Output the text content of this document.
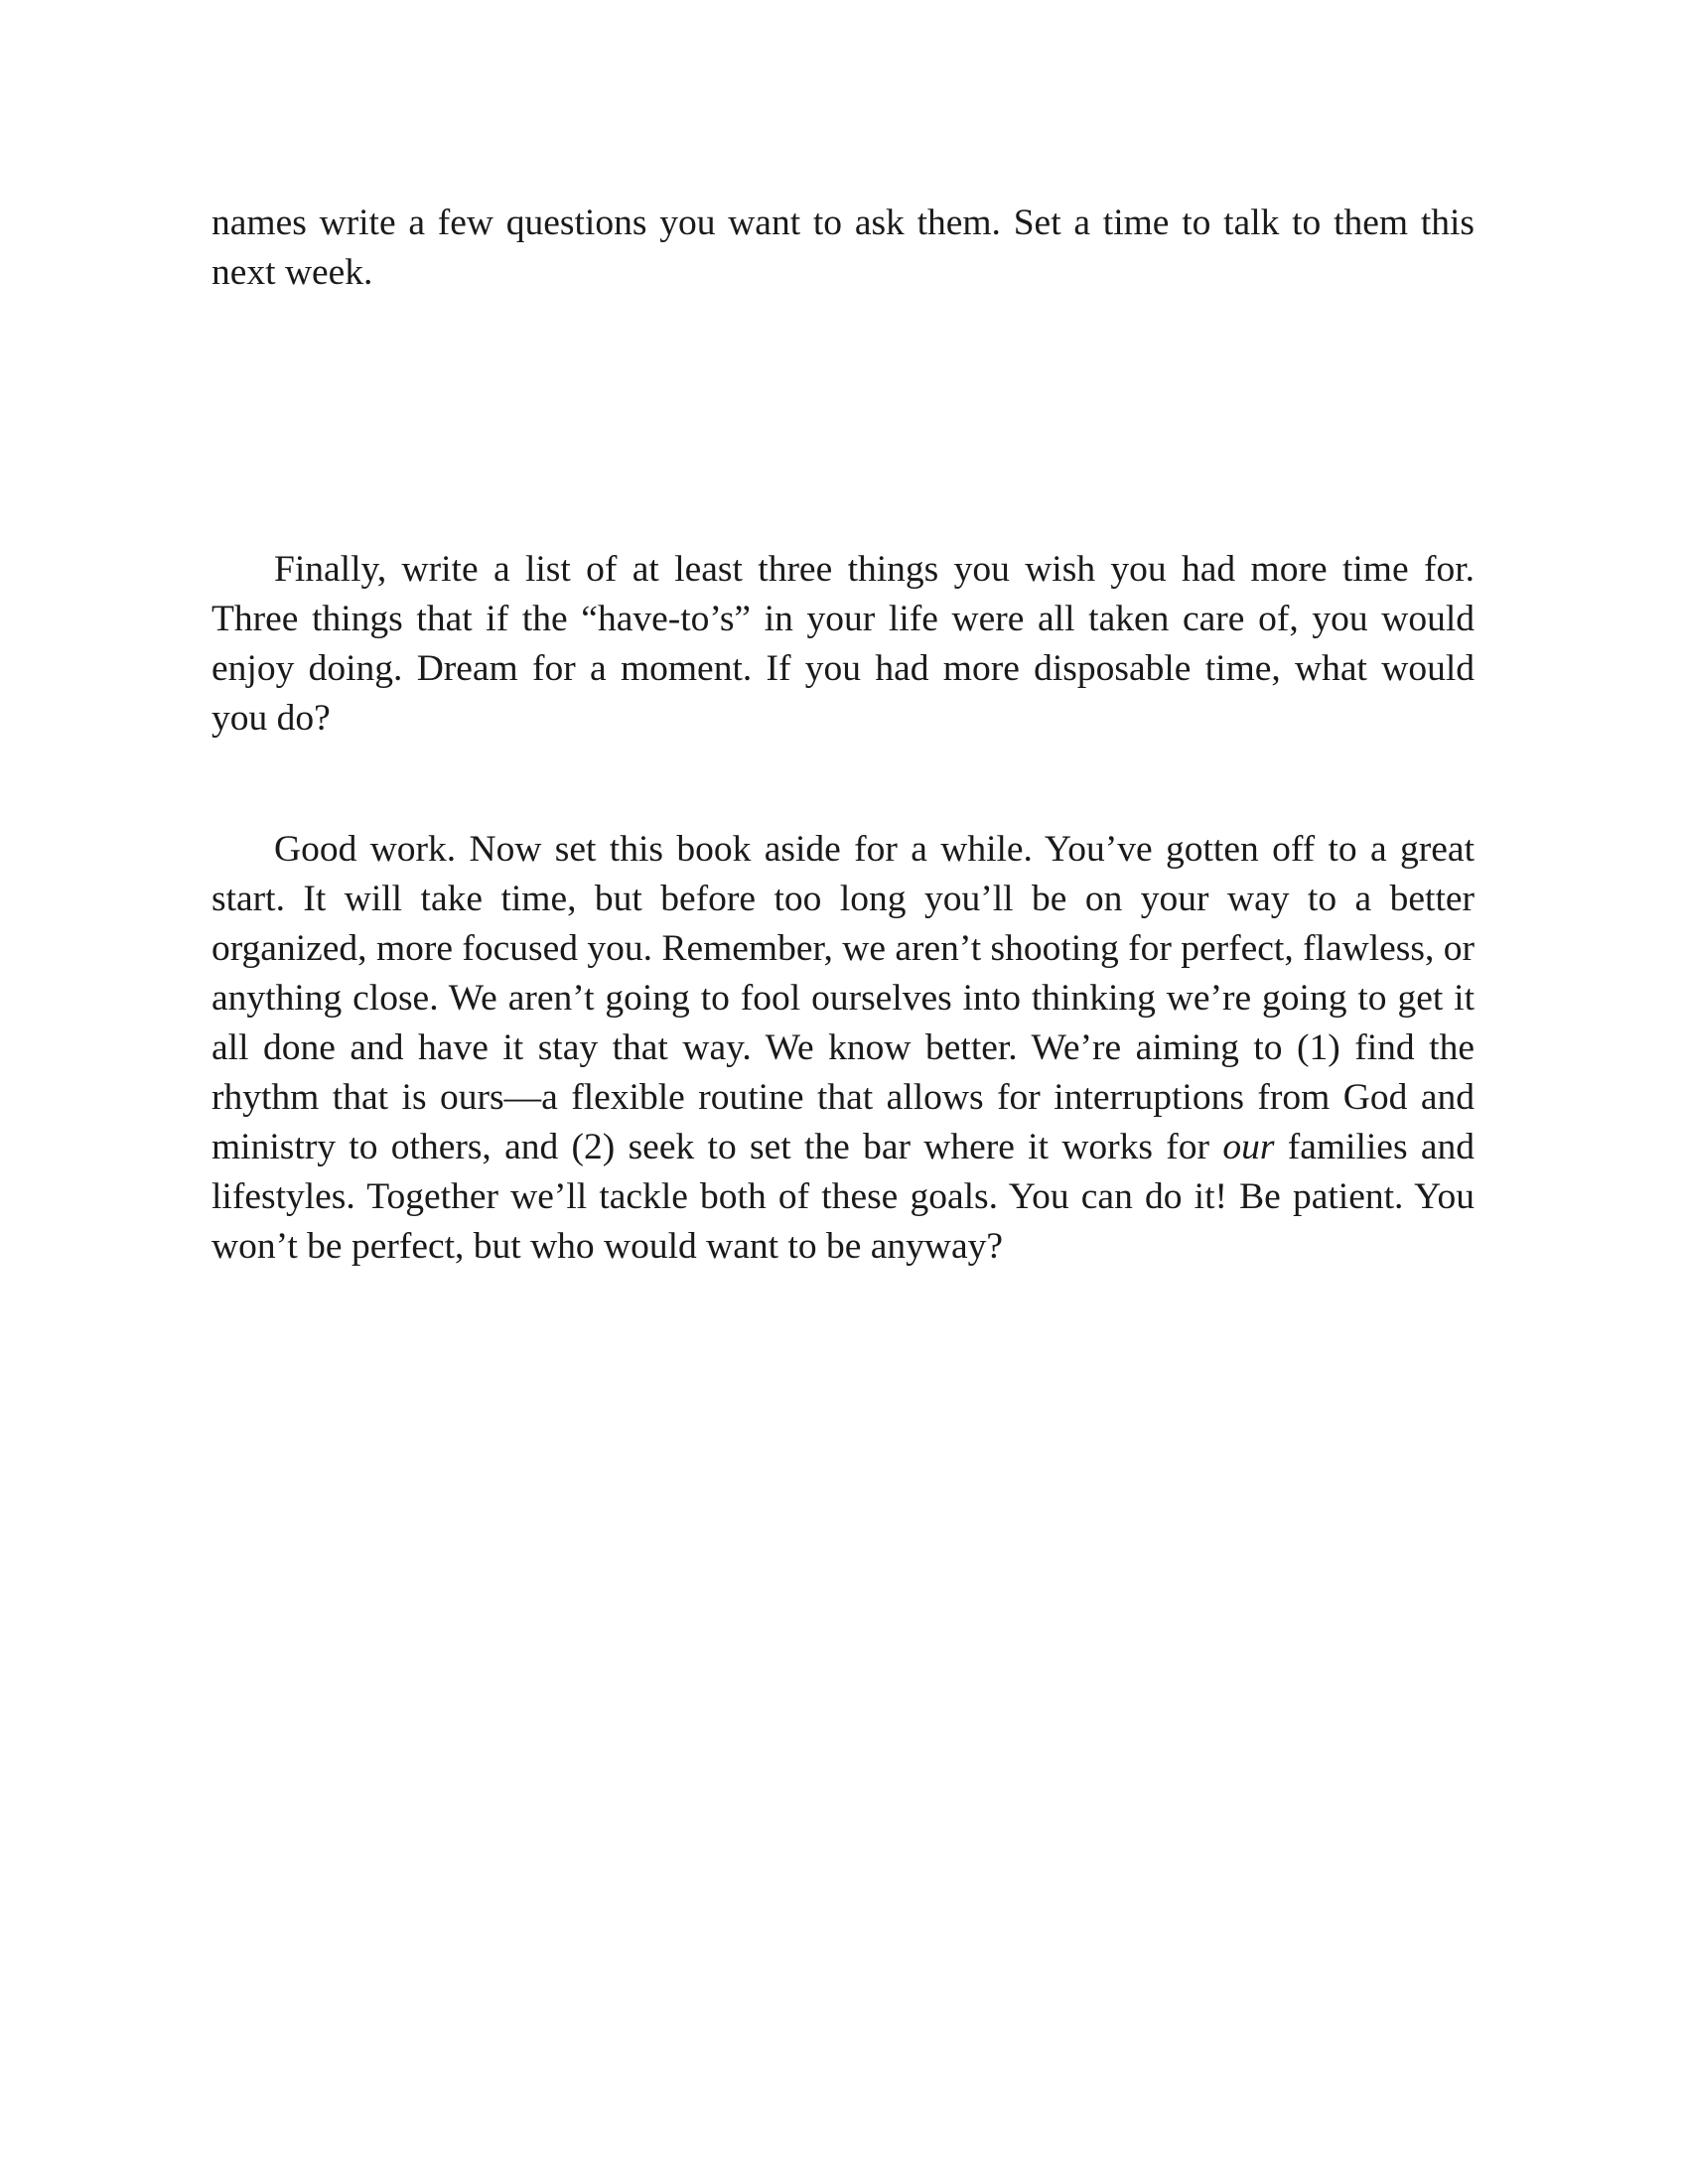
names write a few questions you want to ask them. Set a time to talk to them this next week.

Finally, write a list of at least three things you wish you had more time for. Three things that if the “have-to’s” in your life were all taken care of, you would enjoy doing. Dream for a moment. If you had more disposable time, what would you do?

Good work. Now set this book aside for a while. You’ve gotten off to a great start. It will take time, but before too long you’ll be on your way to a better organized, more focused you. Remember, we aren’t shooting for perfect, flawless, or anything close. We aren’t going to fool ourselves into thinking we’re going to get it all done and have it stay that way. We know better. We’re aiming to (1) find the rhythm that is ours—a flexible routine that allows for interruptions from God and ministry to others, and (2) seek to set the bar where it works for our families and lifestyles. Together we’ll tackle both of these goals. You can do it! Be patient. You won’t be perfect, but who would want to be anyway?
